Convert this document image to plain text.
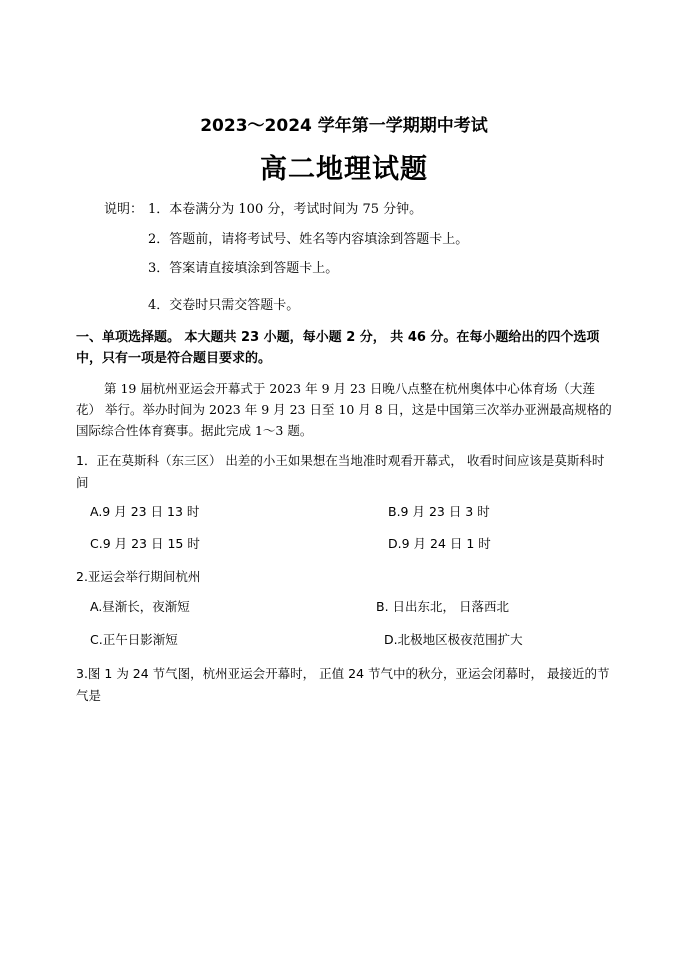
2023～2024 学年第一学期期中考试
高二地理试题
说明： 1．本卷满分为 100 分，考试时间为 75 分钟。
2．答题前，请将考试号、姓名等内容填涂到答题卡上。
3．答案请直接填涂到答题卡上。
4．交卷时只需交答题卡。
一、单项选择题。 本大题共 23 小题，每小题 2 分， 共 46 分。在每小题给出的四个选项中，只有一项是符合题目要求的。
第 19 届杭州亚运会开幕式于 2023 年 9 月 23 日晚八点整在杭州奥体中心体育场（大莲花） 举行。举办时间为 2023 年 9 月 23 日至 10 月 8 日，这是中国第三次举办亚洲最高规格的国际综合性体育赛事。据此完成 1～3 题。
1．正在莫斯科（东三区） 出差的小王如果想在当地准时观看开幕式， 收看时间应该是莫斯科时间
A.9 月 23 日 13 时	B.9 月 23 日 3 时
C.9 月 23 日 15 时	D.9 月 24 日 1 时
2.亚运会举行期间杭州
A.昼渐长，夜渐短	B. 日出东北， 日落西北
C.正午日影渐短	D.北极地区极夜范围扩大
3.图 1 为 24 节气图，杭州亚运会开幕时， 正值 24 节气中的秋分，亚运会闭幕时， 最接近的节气是
